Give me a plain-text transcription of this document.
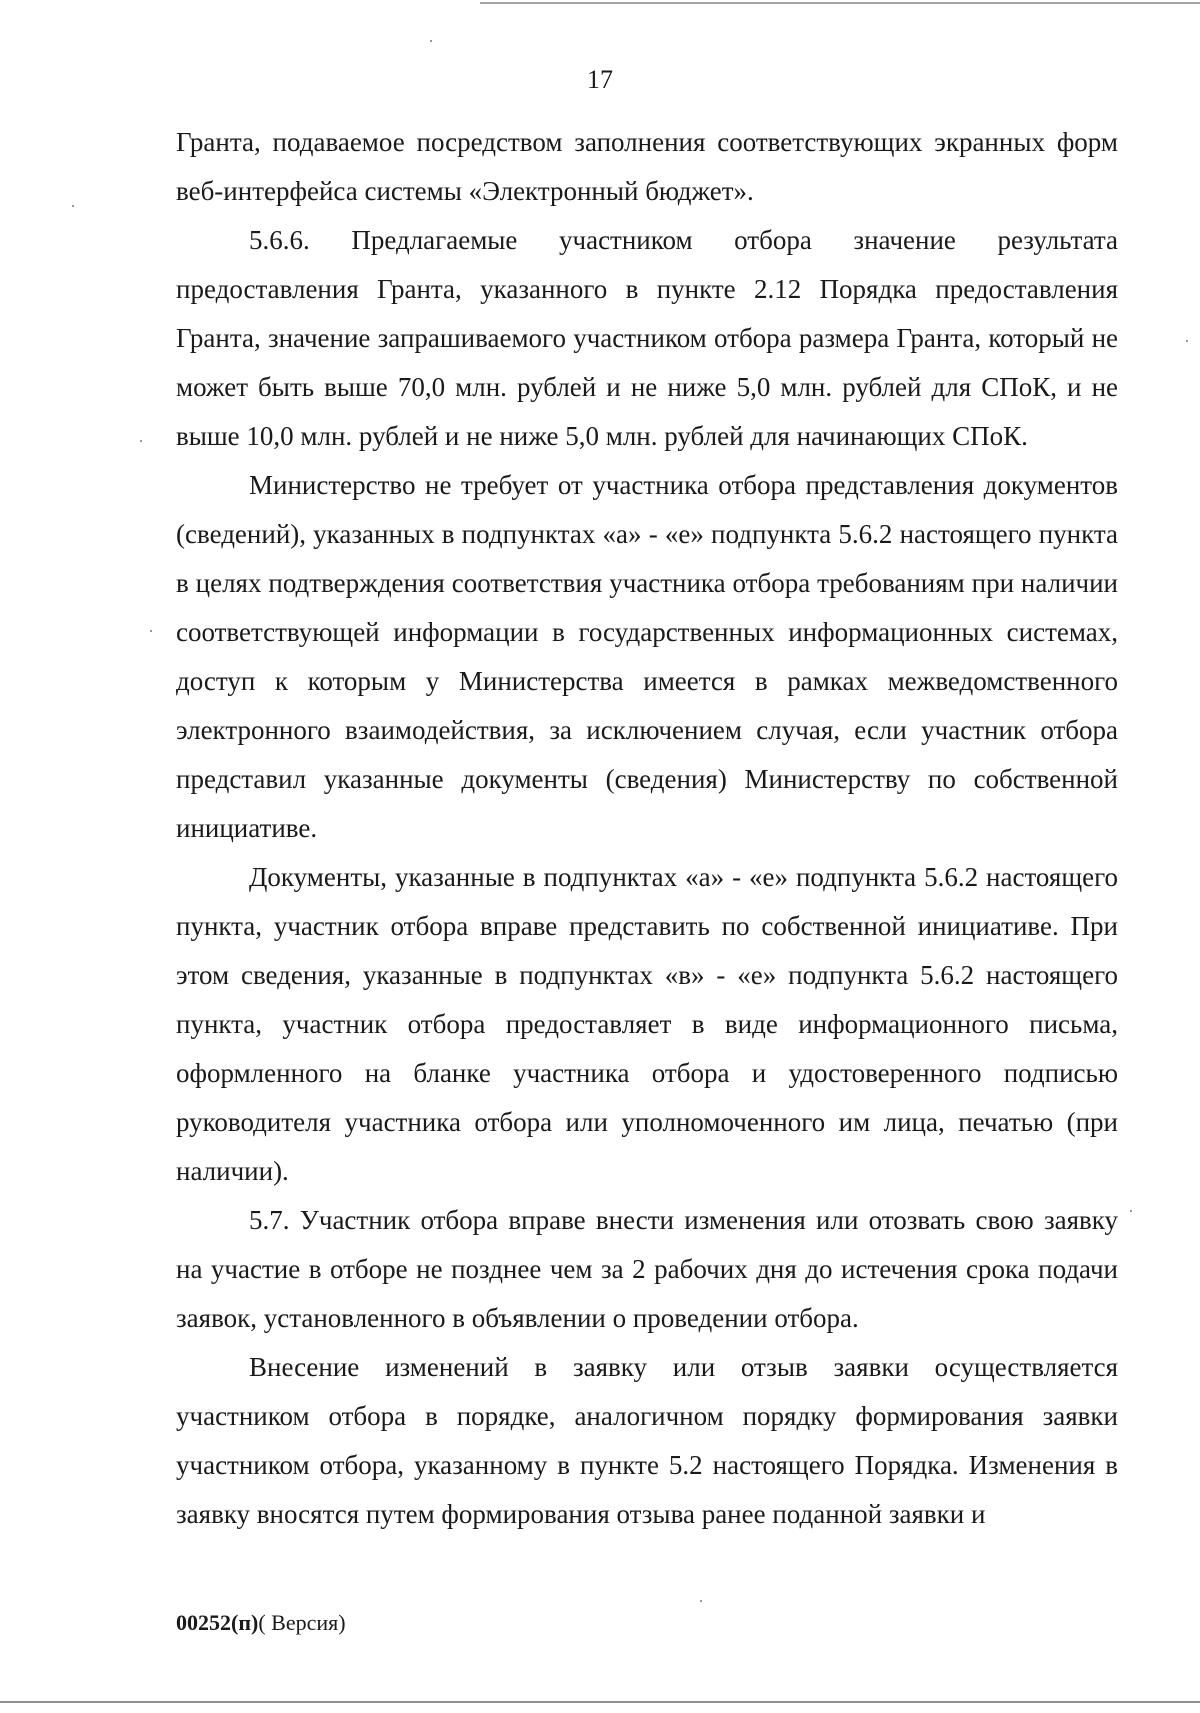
17

Гранта, подаваемое посредством заполнения соответствующих экранных форм веб-интерфейса системы «Электронный бюджет».

5.6.6. Предлагаемые участником отбора значение результата предоставления Гранта, указанного в пункте 2.12 Порядка предоставления Гранта, значение запрашиваемого участником отбора размера Гранта, который не может быть выше 70,0 млн. рублей и не ниже 5,0 млн. рублей для СПоК, и не выше 10,0 млн. рублей и не ниже 5,0 млн. рублей для начинающих СПоК.

Министерство не требует от участника отбора представления документов (сведений), указанных в подпунктах «а» - «е» подпункта 5.6.2 настоящего пункта в целях подтверждения соответствия участника отбора требованиям при наличии соответствующей информации в государственных информационных системах, доступ к которым у Министерства имеется в рамках межведомственного электронного взаимодействия, за исключением случая, если участник отбора представил указанные документы (сведения) Министерству по собственной инициативе.

Документы, указанные в подпунктах «а» - «е» подпункта 5.6.2 настоящего пункта, участник отбора вправе представить по собственной инициативе. При этом сведения, указанные в подпунктах «в» - «е» подпункта 5.6.2 настоящего пункта, участник отбора предоставляет в виде информационного письма, оформленного на бланке участника отбора и удостоверенного подписью руководителя участника отбора или уполномоченного им лица, печатью (при наличии).

5.7. Участник отбора вправе внести изменения или отозвать свою заявку на участие в отборе не позднее чем за 2 рабочих дня до истечения срока подачи заявок, установленного в объявлении о проведении отбора.

Внесение изменений в заявку или отзыв заявки осуществляется участником отбора в порядке, аналогичном порядку формирования заявки участником отбора, указанному в пункте 5.2 настоящего Порядка. Изменения в заявку вносятся путем формирования отзыва ранее поданной заявки и

00252(п)( Версия)
